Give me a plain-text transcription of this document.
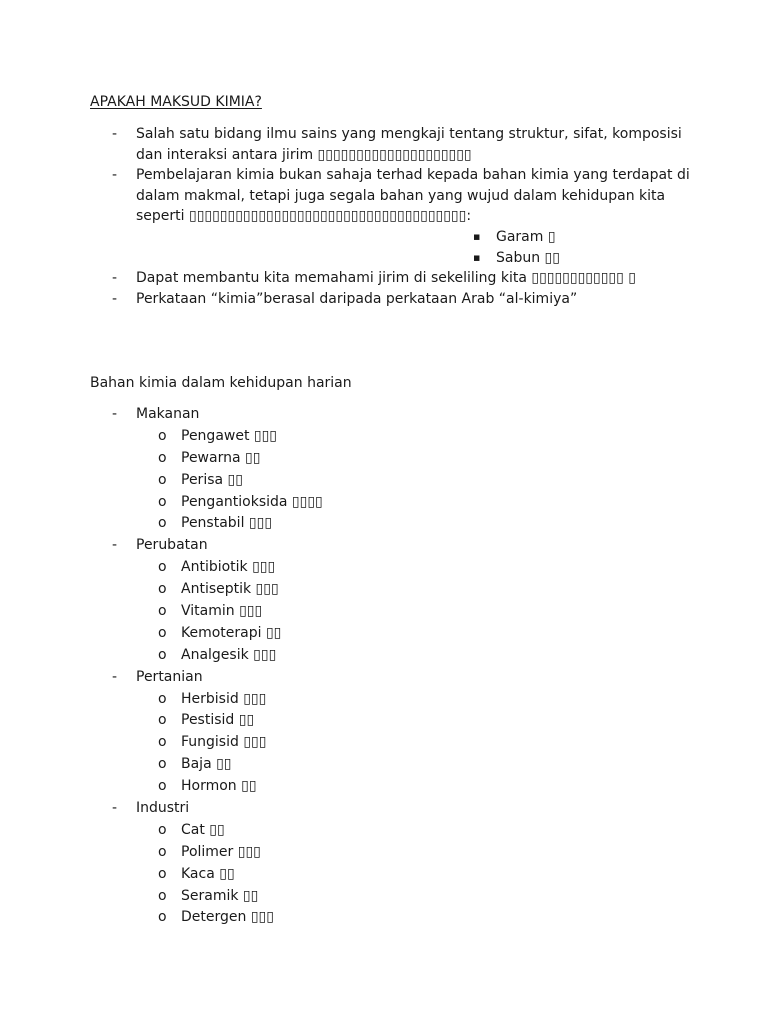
APAKAH MAKSUD KIMIA?
- Salah satu bidang ilmu sains yang mengkaji tentang struktur, sifat, komposisi dan interaksi antara jirim ▯▯▯▯▯▯▯▯▯▯▯▯▯▯▯▯▯▯▯▯
- Pembelajaran kimia bukan sahaja terhad kepada bahan kimia yang terdapat di dalam makmal, tetapi juga segala bahan yang wujud dalam kehidupan kita seperti ▯▯▯▯▯▯▯▯▯▯▯▯▯▯▯▯▯▯▯▯▯▯▯▯▯▯▯▯▯▯▯▯▯▯▯▯:
▪ Garam ▯
▪ Sabun ▯▯
- Dapat membantu kita memahami jirim di sekeliling kita ▯▯▯▯▯▯▯▯▯▯▯▯ ▯
- Perkataan “kimia”berasal daripada perkataan Arab “al-kimiya”
Bahan kimia dalam kehidupan harian
- Makanan
o Pengawet ▯▯▯
o Pewarna ▯▯
o Perisa ▯▯
o Pengantioksida ▯▯▯▯
o Penstabil ▯▯▯
- Perubatan
o Antibiotik ▯▯▯
o Antiseptik ▯▯▯
o Vitamin ▯▯▯
o Kemoterapi ▯▯
o Analgesik ▯▯▯
- Pertanian
o Herbisid ▯▯▯
o Pestisid ▯▯
o Fungisid ▯▯▯
o Baja ▯▯
o Hormon ▯▯
- Industri
o Cat ▯▯
o Polimer ▯▯▯
o Kaca ▯▯
o Seramik ▯▯
o Detergen ▯▯▯
